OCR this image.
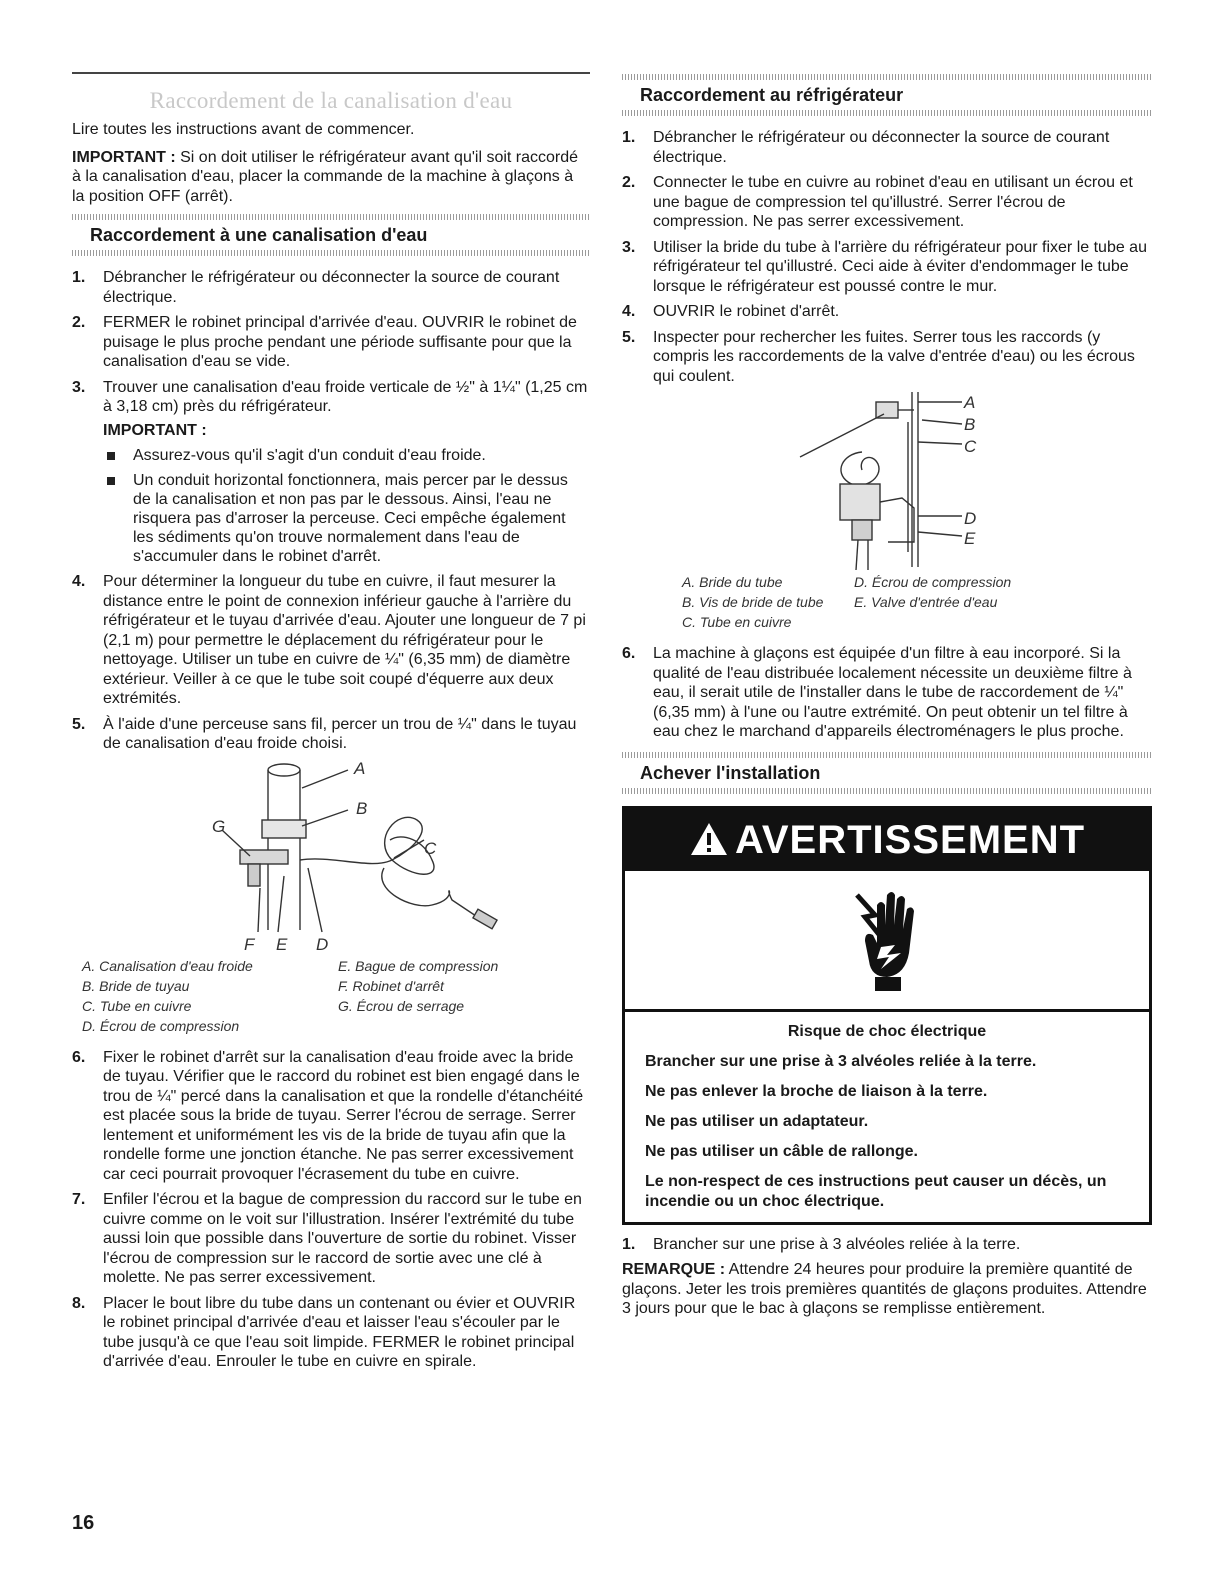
Raccordement de la canalisation d'eau

Lire toutes les instructions avant de commencer.

IMPORTANT : Si on doit utiliser le réfrigérateur avant qu'il soit raccordé à la canalisation d'eau, placer la commande de la machine à glaçons à la position OFF (arrêt).

Raccordement à une canalisation d'eau
1. Débrancher le réfrigérateur ou déconnecter la source de courant électrique.
2. FERMER le robinet principal d'arrivée d'eau. OUVRIR le robinet de puisage le plus proche pendant une période suffisante pour que la canalisation d'eau se vide.
3. Trouver une canalisation d'eau froide verticale de ½" à 1¼" (1,25 cm à 3,18 cm) près du réfrigérateur.
IMPORTANT :
Assurez-vous qu'il s'agit d'un conduit d'eau froide.
Un conduit horizontal fonctionnera, mais percer par le dessus de la canalisation et non pas par le dessous. Ainsi, l'eau ne risquera pas d'arroser la perceuse. Ceci empêche également les sédiments qu'on trouve normalement dans l'eau de s'accumuler dans le robinet d'arrêt.
4. Pour déterminer la longueur du tube en cuivre, il faut mesurer la distance entre le point de connexion inférieur gauche à l'arrière du réfrigérateur et le tuyau d'arrivée d'eau. Ajouter une longueur de 7 pi (2,1 m) pour permettre le déplacement du réfrigérateur pour le nettoyage. Utiliser un tube en cuivre de ¼" (6,35 mm) de diamètre extérieur. Veiller à ce que le tube soit coupé d'équerre aux deux extrémités.
5. À l'aide d'une perceuse sans fil, percer un trou de ¼" dans le tuyau de canalisation d'eau froide choisi.
A
B
C
D
E
F
G
A. Canalisation d'eau froide	E. Bague de compression
B. Bride de tuyau	F. Robinet d'arrêt
C. Tube en cuivre	G. Écrou de serrage
D. Écrou de compression
6. Fixer le robinet d'arrêt sur la canalisation d'eau froide avec la bride de tuyau. Vérifier que le raccord du robinet est bien engagé dans le trou de ¼" percé dans la canalisation et que la rondelle d'étanchéité est placée sous la bride de tuyau. Serrer l'écrou de serrage. Serrer lentement et uniformément les vis de la bride de tuyau afin que la rondelle forme une jonction étanche. Ne pas serrer excessivement car ceci pourrait provoquer l'écrasement du tube en cuivre.
7. Enfiler l'écrou et la bague de compression du raccord sur le tube en cuivre comme on le voit sur l'illustration. Insérer l'extrémité du tube aussi loin que possible dans l'ouverture de sortie du robinet. Visser l'écrou de compression sur le raccord de sortie avec une clé à molette. Ne pas serrer excessivement.
8. Placer le bout libre du tube dans un contenant ou évier et OUVRIR le robinet principal d'arrivée d'eau et laisser l'eau s'écouler par le tube jusqu'à ce que l'eau soit limpide. FERMER le robinet principal d'arrivée d'eau. Enrouler le tube en cuivre en spirale.
16
Raccordement au réfrigérateur
1. Débrancher le réfrigérateur ou déconnecter la source de courant électrique.
2. Connecter le tube en cuivre au robinet d'eau en utilisant un écrou et une bague de compression tel qu'illustré. Serrer l'écrou de compression. Ne pas serrer excessivement.
3. Utiliser la bride du tube à l'arrière du réfrigérateur pour fixer le tube au réfrigérateur tel qu'illustré. Ceci aide à éviter d'endommager le tube lorsque le réfrigérateur est poussé contre le mur.
4. OUVRIR le robinet d'arrêt.
5. Inspecter pour rechercher les fuites. Serrer tous les raccords (y compris les raccordements de la valve d'entrée d'eau) ou les écrous qui coulent.
A
B
C
D
E
A. Bride du tube	D. Écrou de compression
B. Vis de bride de tube	E. Valve d'entrée d'eau
C. Tube en cuivre
6. La machine à glaçons est équipée d'un filtre à eau incorporé. Si la qualité de l'eau distribuée localement nécessite un deuxième filtre à eau, il serait utile de l'installer dans le tube de raccordement de ¼" (6,35 mm) à l'une ou l'autre extrémité. On peut obtenir un tel filtre à eau chez le marchand d'appareils électroménagers le plus proche.
Achever l'installation
AVERTISSEMENT
Risque de choc électrique
Brancher sur une prise à 3 alvéoles reliée à la terre.
Ne pas enlever la broche de liaison à la terre.
Ne pas utiliser un adaptateur.
Ne pas utiliser un câble de rallonge.
Le non-respect de ces instructions peut causer un décès, un incendie ou un choc électrique.
1. Brancher sur une prise à 3 alvéoles reliée à la terre.

REMARQUE : Attendre 24 heures pour produire la première quantité de glaçons. Jeter les trois premières quantités de glaçons produites. Attendre 3 jours pour que le bac à glaçons se remplisse entièrement.
